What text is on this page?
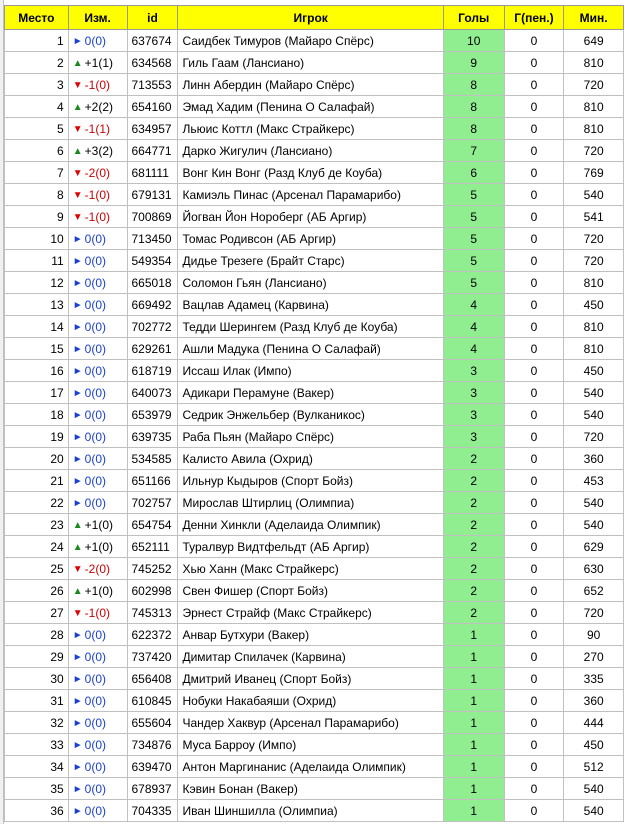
Место	Изм.	id	Игрок	Голы	Г(пен.)	Мин.
1	► 0(0)	637674	Саидбек Тимуров (Майаро Спёрс)	10	0	649
2	▲ +1(1)	634568	Гиль Гаам (Лансиано)	9	0	810
3	▼ -1(0)	713553	Линн Абердин (Майаро Спёрс)	8	0	720
4	▲ +2(2)	654160	Эмад Хадим (Пенина О Салафай)	8	0	810
5	▼ -1(1)	634957	Льюис Коттл (Макс Страйкерс)	8	0	810
6	▲ +3(2)	664771	Дарко Жигулич (Лансиано)	7	0	720
7	▼ -2(0)	681111	Вонг Кин Вонг (Разд Клуб де Коуба)	6	0	769
8	▼ -1(0)	679131	Камиэль Пинас (Арсенал Парамарибо)	5	0	540
9	▼ -1(0)	700869	Йогван Йон Нороберг (АБ Аргир)	5	0	541
10	► 0(0)	713450	Томас Родивсон (АБ Аргир)	5	0	720
11	► 0(0)	549354	Дидье Трезеге (Брайт Старс)	5	0	720
12	► 0(0)	665018	Соломон Гьян (Лансиано)	5	0	810
13	► 0(0)	669492	Вацлав Адамец (Карвина)	4	0	450
14	► 0(0)	702772	Тедди Шерингем (Разд Клуб де Коуба)	4	0	810
15	► 0(0)	629261	Ашли Мадука (Пенина О Салафай)	4	0	810
16	► 0(0)	618719	Иссаш Илак (Импо)	3	0	450
17	► 0(0)	640073	Адикари Перамуне (Вакер)	3	0	540
18	► 0(0)	653979	Седрик Энжельбер (Вулканикос)	3	0	540
19	► 0(0)	639735	Раба Пьян (Майаро Спёрс)	3	0	720
20	► 0(0)	534585	Калисто Авила (Охрид)	2	0	360
21	► 0(0)	651166	Ильнур Кыдыров (Спорт Бойз)	2	0	453
22	► 0(0)	702757	Мирослав Штирлиц (Олимпиа)	2	0	540
23	▲ +1(0)	654754	Денни Хинкли (Аделаида Олимпик)	2	0	540
24	▲ +1(0)	652111	Туралвур Видтфельдт (АБ Аргир)	2	0	629
25	▼ -2(0)	745252	Хью Ханн (Макс Страйкерс)	2	0	630
26	▲ +1(0)	602998	Свен Фишер (Спорт Бойз)	2	0	652
27	▼ -1(0)	745313	Эрнест Страйф (Макс Страйкерс)	2	0	720
28	► 0(0)	622372	Анвар Бутхури (Вакер)	1	0	90
29	► 0(0)	737420	Димитар Спилачек (Карвина)	1	0	270
30	► 0(0)	656408	Дмитрий Иванец (Спорт Бойз)	1	0	335
31	► 0(0)	610845	Нобуки Накабаяши (Охрид)	1	0	360
32	► 0(0)	655604	Чандер Хаквур (Арсенал Парамарибо)	1	0	444
33	► 0(0)	734876	Муса Барроу (Импо)	1	0	450
34	► 0(0)	639470	Антон Маргинанис (Аделаида Олимпик)	1	0	512
35	► 0(0)	678937	Кэвин Бонан (Вакер)	1	0	540
36	► 0(0)	704335	Иван Шиншилла (Олимпиа)	1	0	540
